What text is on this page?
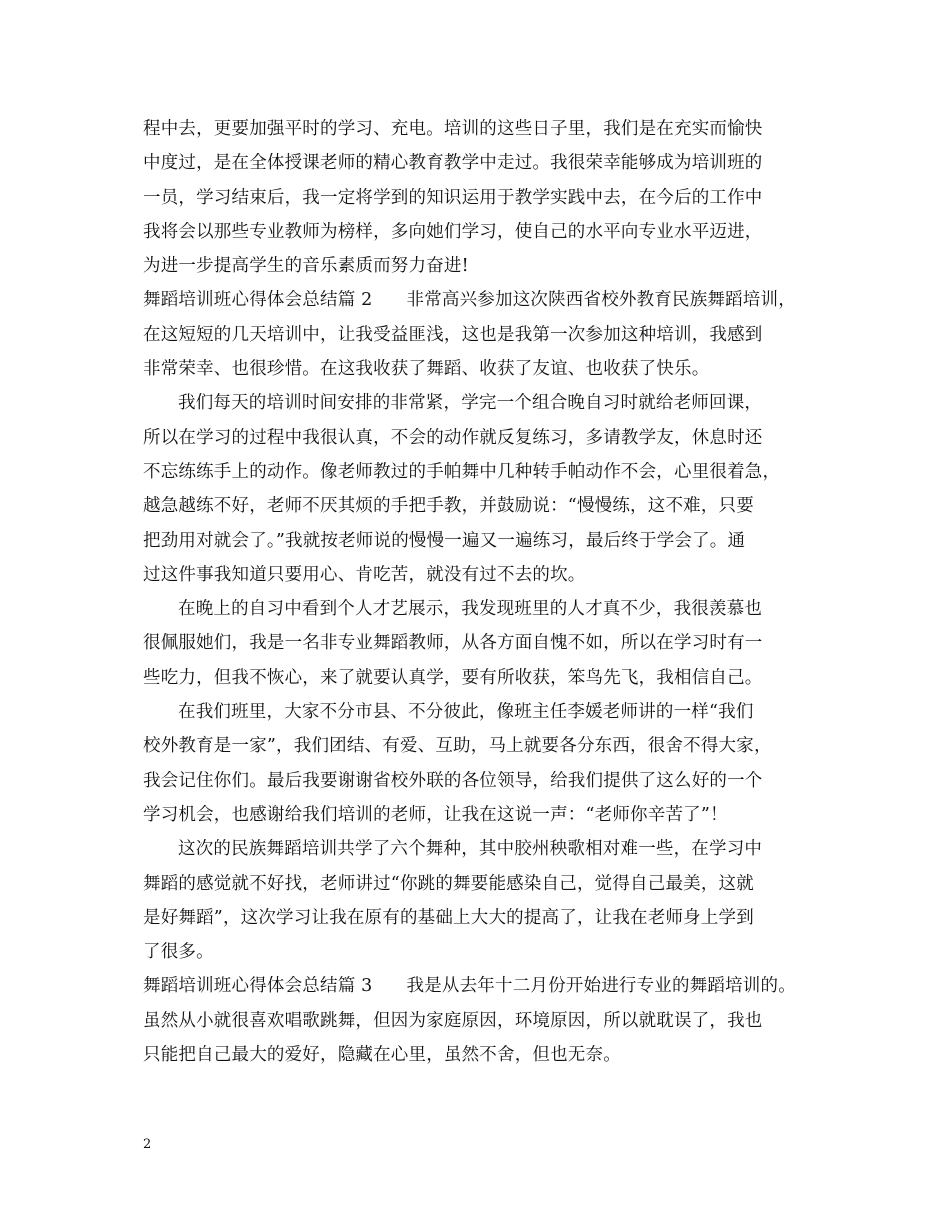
程中去，更要加强平时的学习、充电。培训的这些日子里，我们是在充实而愉快
中度过，是在全体授课老师的精心教育教学中走过。我很荣幸能够成为培训班的
一员，学习结束后，我一定将学到的知识运用于教学实践中去，在今后的工作中
我将会以那些专业教师为榜样，多向她们学习，使自己的水平向专业水平迈进，
为进一步提高学生的音乐素质而努力奋进!
舞蹈培训班心得体会总结篇 2 非常高兴参加这次陕西省校外教育民族舞蹈培训，
在这短短的几天培训中，让我受益匪浅，这也是我第一次参加这种培训，我感到
非常荣幸、也很珍惜。在这我收获了舞蹈、收获了友谊、也收获了快乐。
我们每天的培训时间安排的非常紧，学完一个组合晚自习时就给老师回课，
所以在学习的过程中我很认真，不会的动作就反复练习，多请教学友，休息时还
不忘练练手上的动作。像老师教过的手帕舞中几种转手帕动作不会，心里很着急，
越急越练不好，老师不厌其烦的手把手教，并鼓励说：“慢慢练，这不难，只要
把劲用对就会了。”我就按老师说的慢慢一遍又一遍练习，最后终于学会了。通
过这件事我知道只要用心、肯吃苦，就没有过不去的坎。
在晚上的自习中看到个人才艺展示，我发现班里的人才真不少，我很羡慕也
很佩服她们，我是一名非专业舞蹈教师，从各方面自愧不如，所以在学习时有一
些吃力，但我不恢心，来了就要认真学，要有所收获，笨鸟先飞，我相信自己。
在我们班里，大家不分市县、不分彼此，像班主任李媛老师讲的一样“我们
校外教育是一家”，我们团结、有爱、互助，马上就要各分东西，很舍不得大家，
我会记住你们。最后我要谢谢省校外联的各位领导，给我们提供了这么好的一个
学习机会，也感谢给我们培训的老师，让我在这说一声：“老师你辛苦了”！
这次的民族舞蹈培训共学了六个舞种，其中胶州秧歌相对难一些，在学习中
舞蹈的感觉就不好找，老师讲过“你跳的舞要能感染自己，觉得自己最美，这就
是好舞蹈”，这次学习让我在原有的基础上大大的提高了，让我在老师身上学到
了很多。
舞蹈培训班心得体会总结篇 3 我是从去年十二月份开始进行专业的舞蹈培训的。
虽然从小就很喜欢唱歌跳舞，但因为家庭原因，环境原因，所以就耽误了，我也
只能把自己最大的爱好，隐藏在心里，虽然不舍，但也无奈。
2
